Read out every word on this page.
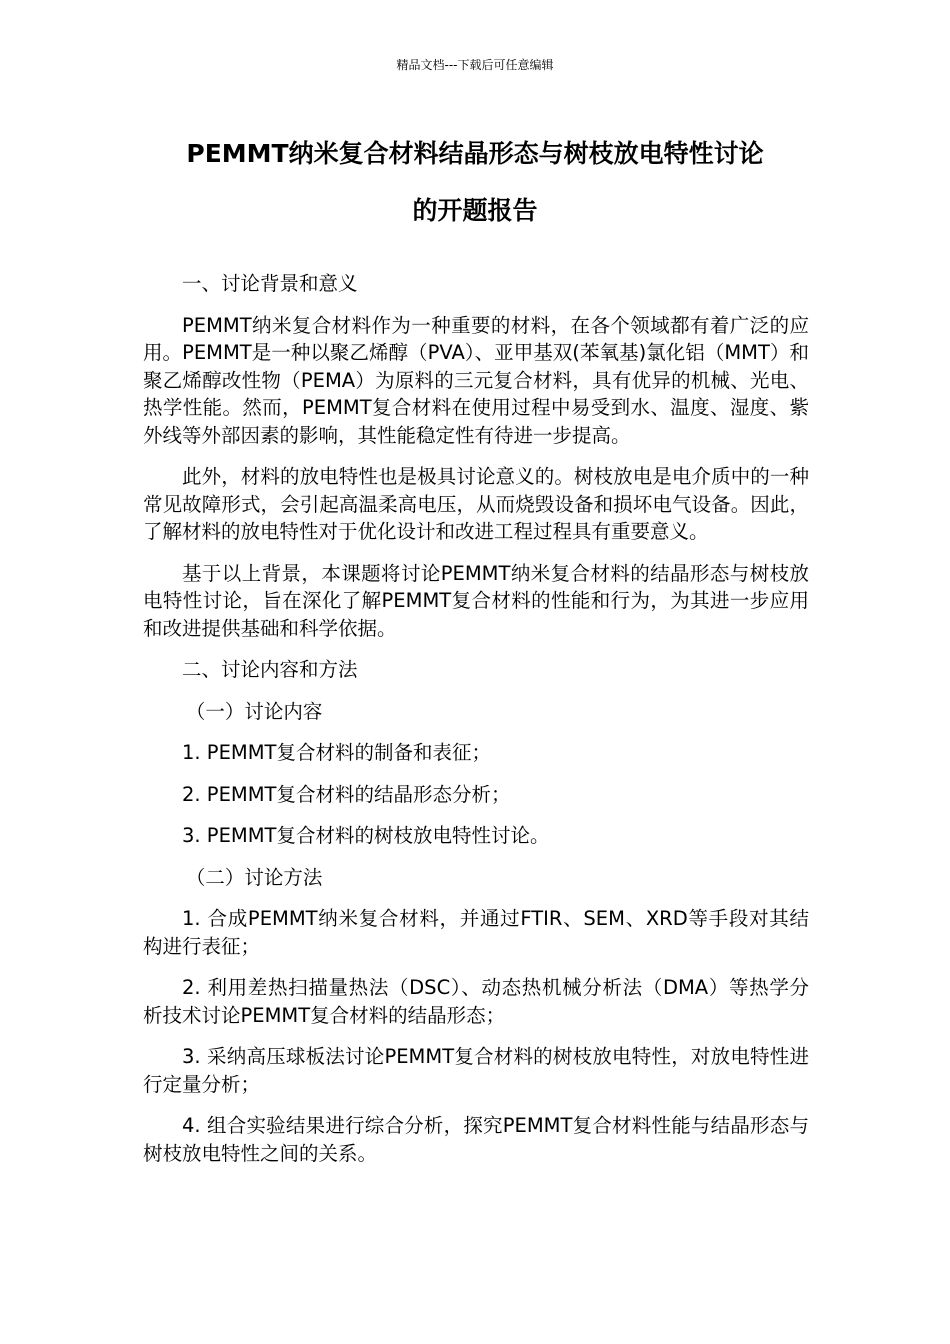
精品文档---下载后可任意编辑
PEMMT纳米复合材料结晶形态与树枝放电特性讨论
的开题报告

一、讨论背景和意义

PEMMT纳米复合材料作为一种重要的材料，在各个领域都有着广泛的应用。PEMMT是一种以聚乙烯醇（PVA）、亚甲基双(苯氧基)氯化铝（MMT）和聚乙烯醇改性物（PEMA）为原料的三元复合材料，具有优异的机械、光电、热学性能。然而，PEMMT复合材料在使用过程中易受到水、温度、湿度、紫外线等外部因素的影响，其性能稳定性有待进一步提高。

此外，材料的放电特性也是极具讨论意义的。树枝放电是电介质中的一种常见故障形式，会引起高温柔高电压，从而烧毁设备和损坏电气设备。因此，了解材料的放电特性对于优化设计和改进工程过程具有重要意义。

基于以上背景，本课题将讨论PEMMT纳米复合材料的结晶形态与树枝放电特性讨论，旨在深化了解PEMMT复合材料的性能和行为，为其进一步应用和改进提供基础和科学依据。

二、讨论内容和方法

（一）讨论内容

1. PEMMT复合材料的制备和表征；

2. PEMMT复合材料的结晶形态分析；

3. PEMMT复合材料的树枝放电特性讨论。

（二）讨论方法

1. 合成PEMMT纳米复合材料，并通过FTIR、SEM、XRD等手段对其结构进行表征；

2. 利用差热扫描量热法（DSC）、动态热机械分析法（DMA）等热学分析技术讨论PEMMT复合材料的结晶形态；

3. 采纳高压球板法讨论PEMMT复合材料的树枝放电特性，对放电特性进行定量分析；

4. 组合实验结果进行综合分析，探究PEMMT复合材料性能与结晶形态与树枝放电特性之间的关系。
